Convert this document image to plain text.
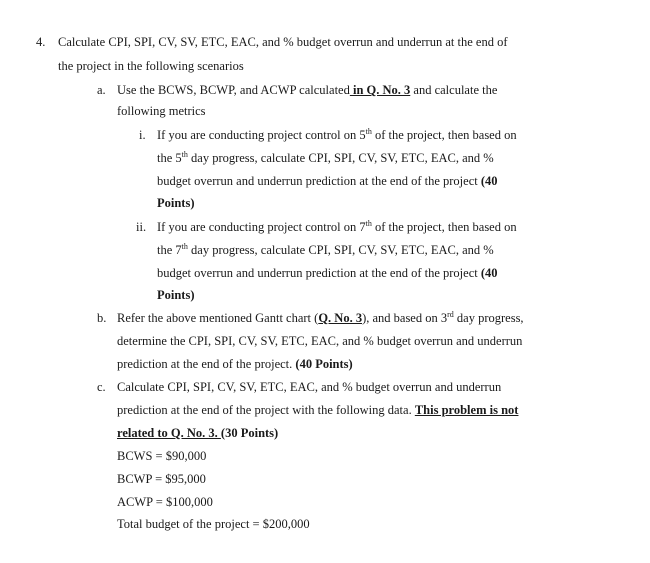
4. Calculate CPI, SPI, CV, SV, ETC, EAC, and % budget overrun and underrun at the end of
the project in the following scenarios
a. Use the BCWS, BCWP, and ACWP calculated in Q. No. 3 and calculate the
following metrics
i. If you are conducting project control on 5th of the project, then based on
the 5th day progress, calculate CPI, SPI, CV, SV, ETC, EAC, and %
budget overrun and underrun prediction at the end of the project (40
Points)
ii. If you are conducting project control on 7th of the project, then based on
the 7th day progress, calculate CPI, SPI, CV, SV, ETC, EAC, and %
budget overrun and underrun prediction at the end of the project (40
Points)
b. Refer the above mentioned Gantt chart (Q. No. 3), and based on 3rd day progress,
determine the CPI, SPI, CV, SV, ETC, EAC, and % budget overrun and underrun
prediction at the end of the project. (40 Points)
c. Calculate CPI, SPI, CV, SV, ETC, EAC, and % budget overrun and underrun
prediction at the end of the project with the following data. This problem is not
related to Q. No. 3. (30 Points)
BCWS = $90,000
BCWP = $95,000
ACWP = $100,000
Total budget of the project = $200,000
